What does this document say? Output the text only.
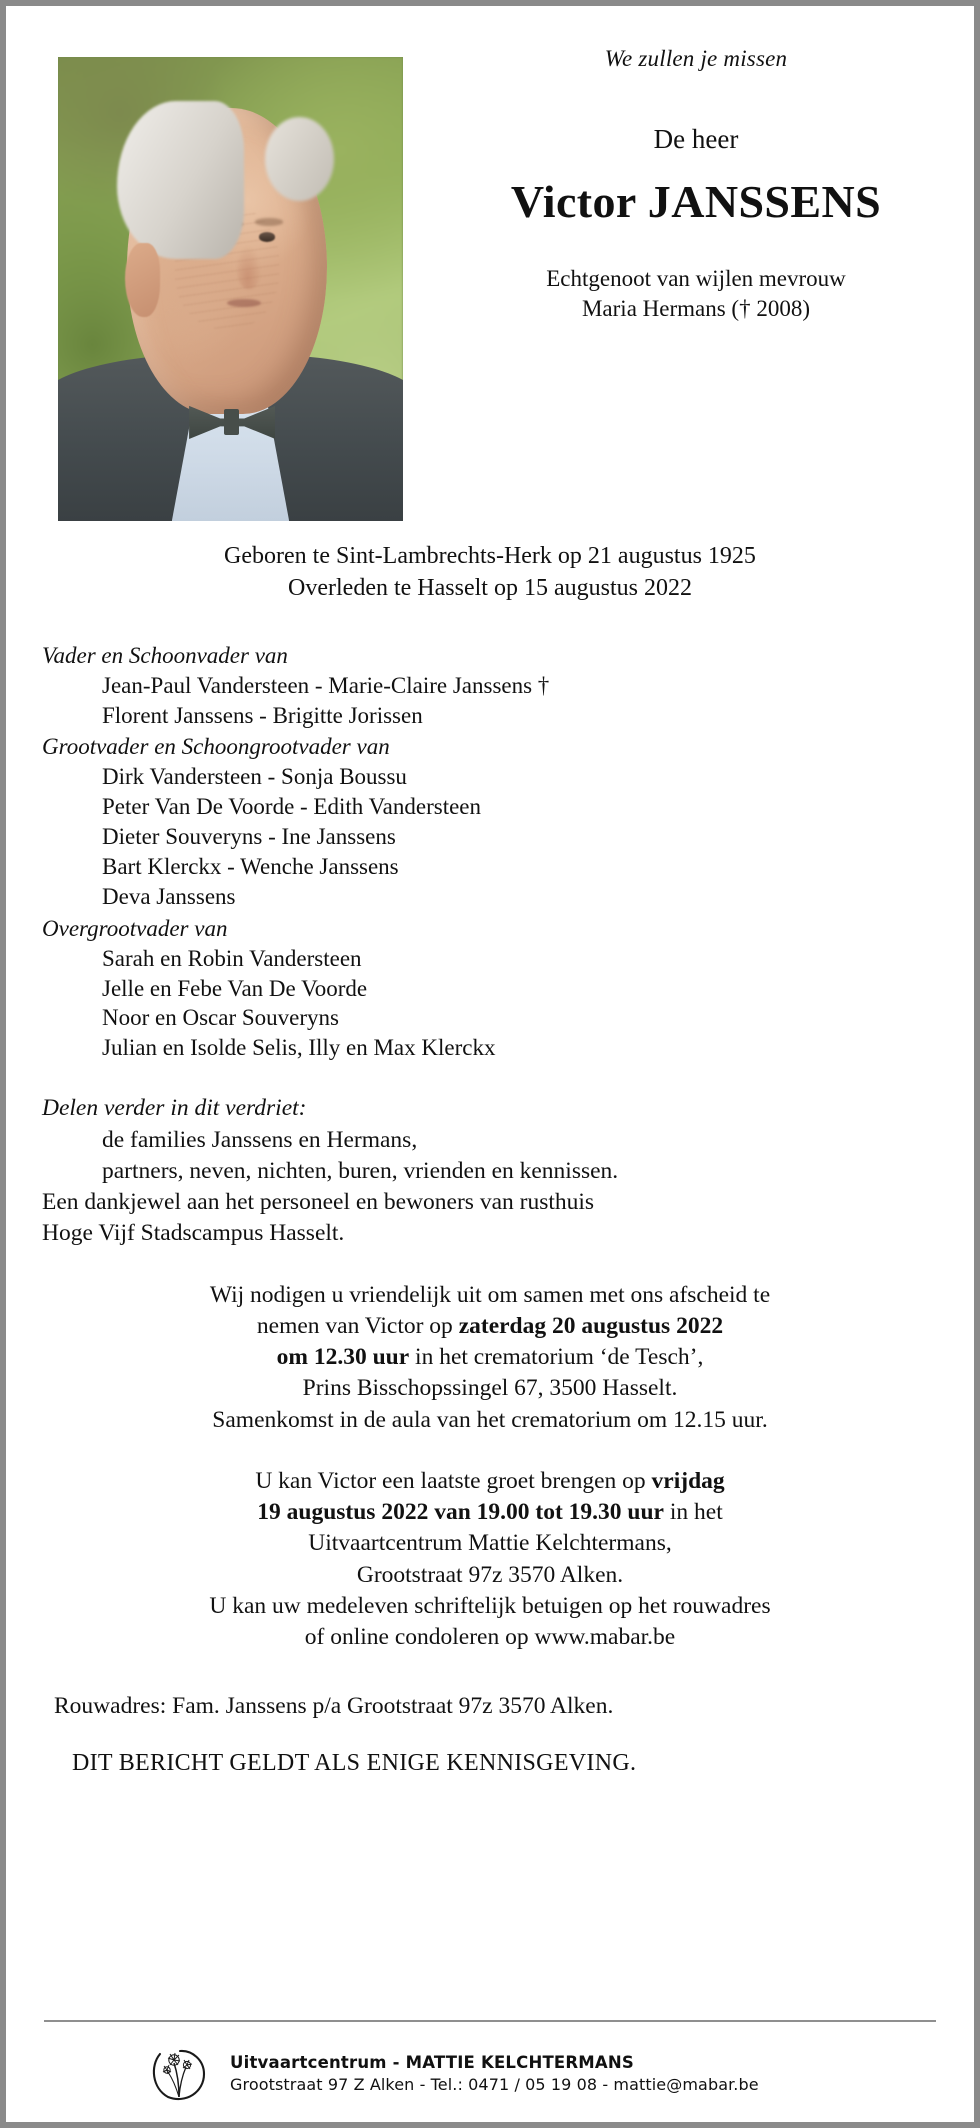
We zullen je missen
De heer
Victor JANSSENS
Echtgenoot van wijlen mevrouw
Maria Hermans († 2008)
Geboren te Sint-Lambrechts-Herk op 21 augustus 1925
Overleden te Hasselt op 15 augustus 2022
Vader en Schoonvader van
Jean-Paul Vandersteen - Marie-Claire Janssens †
Florent Janssens - Brigitte Jorissen
Grootvader en Schoongrootvader van
Dirk Vandersteen - Sonja Boussu
Peter Van De Voorde - Edith Vandersteen
Dieter Souveryns - Ine Janssens
Bart Klerckx - Wenche Janssens
Deva Janssens
Overgrootvader van
Sarah en Robin Vandersteen
Jelle en Febe Van De Voorde
Noor en Oscar Souveryns
Julian en Isolde Selis, Illy en Max Klerckx
Delen verder in dit verdriet:
de families Janssens en Hermans,
partners, neven, nichten, buren, vrienden en kennissen.
Een dankjewel aan het personeel en bewoners van rusthuis
Hoge Vijf Stadscampus Hasselt.
Wij nodigen u vriendelijk uit om samen met ons afscheid te
nemen van Victor op zaterdag 20 augustus 2022
om 12.30 uur in het crematorium ‘de Tesch’,
Prins Bisschopssingel 67, 3500 Hasselt.
Samenkomst in de aula van het crematorium om 12.15 uur.
U kan Victor een laatste groet brengen op vrijdag
19 augustus 2022 van 19.00 tot 19.30 uur in het
Uitvaartcentrum Mattie Kelchtermans,
Grootstraat 97z 3570 Alken.
U kan uw medeleven schriftelijk betuigen op het rouwadres
of online condoleren op www.mabar.be
Rouwadres: Fam. Janssens p/a Grootstraat 97z 3570 Alken.
DIT BERICHT GELDT ALS ENIGE KENNISGEVING.
Uitvaartcentrum - MATTIE KELCHTERMANS
Grootstraat 97 Z Alken - Tel.: 0471 / 05 19 08 - mattie@mabar.be
